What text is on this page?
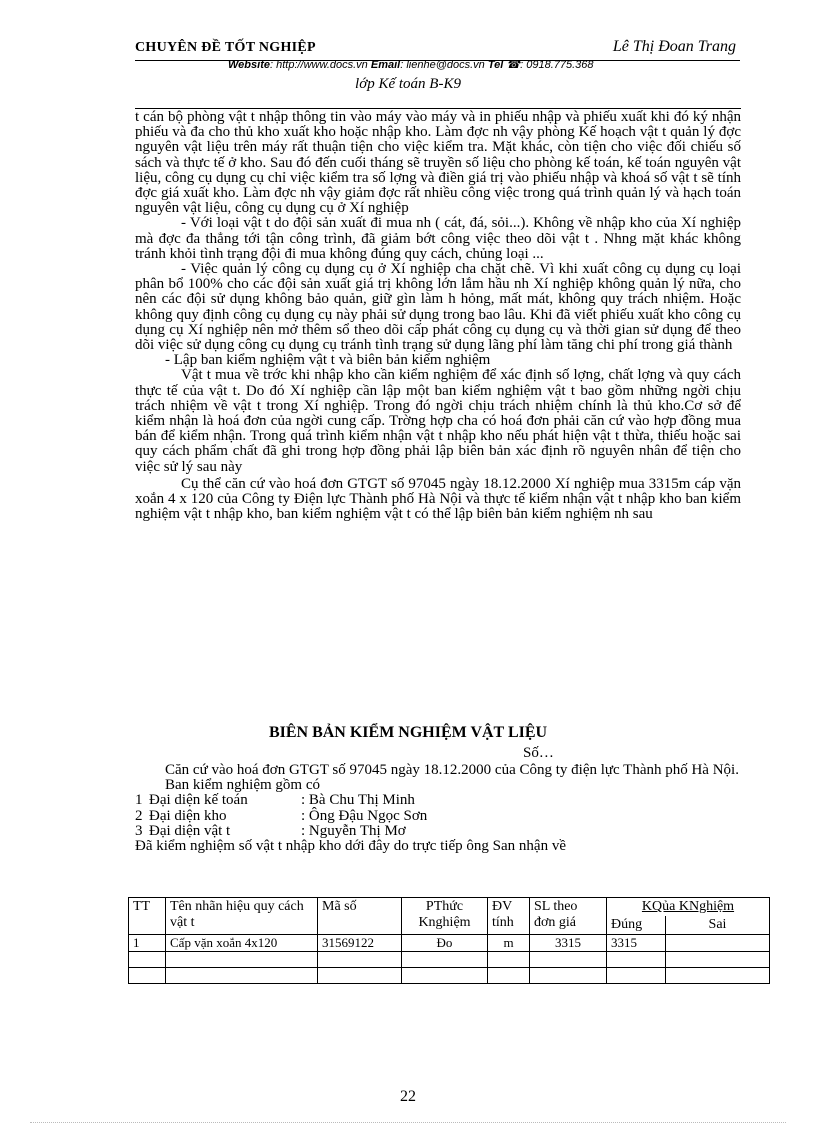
CHUYÊN ĐỀ TỐT NGHIỆP	Lê Thị Đoan Trang
Website: http://www.docs.vn Email: lienhe@docs.vn Tel ☎: 0918.775.368
lớp Kế toán B-K9

t cán bộ phòng vật t nhập thông tin vào máy vào máy và in phiếu nhập và phiếu xuất khi đó ký nhận phiếu và đa cho thủ kho xuất kho hoặc nhập kho. Làm đợc nh vậy phòng Kế hoạch vật t quản lý đợc nguyên vật liệu trên máy rất thuận tiện cho việc kiểm tra. Mặt khác, còn tiện cho việc đối chiếu số sách và thực tế ở kho. Sau đó đến cuối tháng sẽ truyền số liệu cho phòng kế toán, kế toán nguyên vật liệu, công cụ dụng cụ chỉ việc kiểm tra số lợng và điền giá trị vào phiếu nhập và khoá số vật t sẽ tính đợc giá xuất kho. Làm đợc nh vậy giảm đợc rất nhiều công việc trong quá trình quản lý và hạch toán nguyên vật liệu, công cụ dụng cụ ở Xí nghiệp

- Với loại vật t do đội sản xuất đi mua nh ( cát, đá, sỏi...). Không về nhập kho của Xí nghiệp mà đợc đa thẳng tới tận công trình, đã giảm bớt công việc theo dõi vật t . Nhng mặt khác không tránh khỏi tình trạng đội đi mua không đúng quy cách, chủng loại ...

- Việc quản lý công cụ dụng cụ ở Xí nghiệp cha chặt chẽ. Vì khi xuất công cụ dụng cụ loại phân bổ 100% cho các đội sản xuất giá trị không lớn lắm hầu nh Xí nghiệp không quản lý nữa, cho nên các đội sử dụng không bảo quản, giữ gìn làm h hỏng, mất mát, không quy trách nhiệm. Hoặc không quy định công cụ dụng cụ này phải sử dụng trong bao lâu. Khi đã viết phiếu xuất kho công cụ dụng cụ Xí nghiệp nên mở thêm sổ theo dõi cấp phát công cụ dụng cụ và thời gian sử dụng để theo dõi việc sử dụng công cụ dụng cụ tránh tình trạng sử dụng lãng phí làm tăng chi phí trong giá thành

- Lập ban kiểm nghiệm vật t và biên bản kiểm nghiệm

Vật t mua về trớc khi nhập kho cần kiểm nghiệm để xác định số lợng, chất lợng và quy cách thực tế của vật t. Do đó Xí nghiệp cần lập một ban kiểm nghiệm vật t bao gồm những ngời chịu trách nhiệm về vật t trong Xí nghiệp. Trong đó ngời chịu trách nhiệm chính là thủ kho.Cơ sở để kiểm nhận là hoá đơn của ngời cung cấp. Trờng hợp cha có hoá đơn phải căn cứ vào hợp đồng mua bán để kiểm nhận. Trong quá trình kiểm nhận vật t nhập kho nếu phát hiện vật t thừa, thiếu hoặc sai quy cách phẩm chất đã ghi trong hợp đồng phải lập biên bản xác định rõ nguyên nhân để tiện cho việc sử lý sau này

Cụ thể căn cứ vào hoá đơn GTGT số 97045 ngày 18.12.2000 Xí nghiệp mua 3315m cáp vặn xoắn 4 x 120 của Công ty Điện lực Thành phố Hà Nội và thực tế kiểm nhận vật t nhập kho ban kiểm nghiệm vật t nhập kho, ban kiểm nghiệm vật t có thể lập biên bản kiểm nghiệm nh sau

BIÊN BẢN KIỂM NGHIỆM VẬT LIỆU
Số…

Căn cứ vào hoá đơn GTGT số 97045 ngày 18.12.2000 của Công ty điện lực Thành phố Hà Nội.

Ban kiểm nghiệm gồm có

1 Đại diện kế toán	: Bà Chu Thị Minh
2 Đại diện kho	: Ông Đậu Ngọc Sơn
3 Đại diện vật t	: Nguyễn Thị Mơ

Đã kiểm nghiệm số vật t nhập kho dới đây do trực tiếp ông San nhận về

TT	Tên nhãn hiệu quy cách vật t	Mã số	PThức Knghiệm	ĐV tính	SL theo đơn giá	KQủa KNghiệm	
						Đúng	Sai
1	Cấp vặn xoắn 4x120	31569122	Đo	m	3315	3315	

22
